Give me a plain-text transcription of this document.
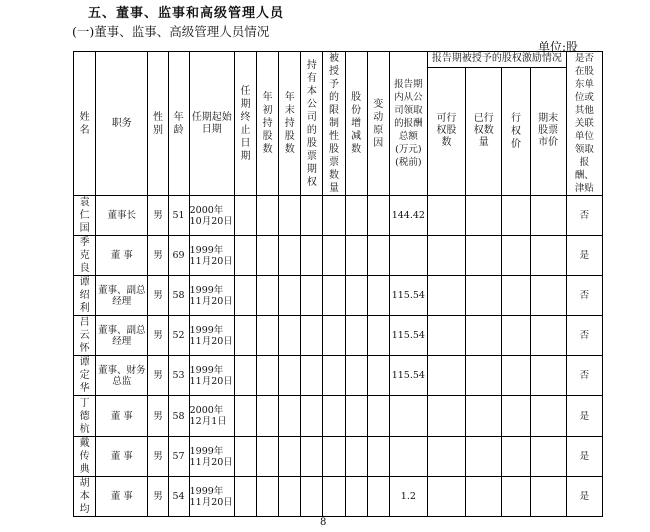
五、董事、监事和高级管理人员
(一)董事、监事、高级管理人员情况
单位:股
姓名	职务	性别	年龄	任期起始日期	任期终止日期	年初持股数	年末持股数	持有本公司的股票期权	被授予的限制性股票数量	股份增减数	变动原因	报告期内从公司领取的报酬总额(万元)(税前)	报告期被授予的股权激励情况				是否在股东单位或其他关联单位领取报酬、津贴
													可行权股数	已行权数量	行权价	期末股票市价	
袁仁国	董事长	男	51	2000年10月20日								144.42					否
季克良	董 事	男	69	1999年11月20日													是
谭绍利	董事、副总经理	男	58	1999年11月20日								115.54					否
吕云怀	董事、副总经理	男	52	1999年11月20日								115.54					否
谭定华	董事、财务总监	男	53	1999年11月20日								115.54					否
丁德杭	董 事	男	58	2000年12月1日													是
戴传典	董 事	男	57	1999年11月20日													是
胡本均	董 事	男	54	1999年11月20日								1.2					是
8
